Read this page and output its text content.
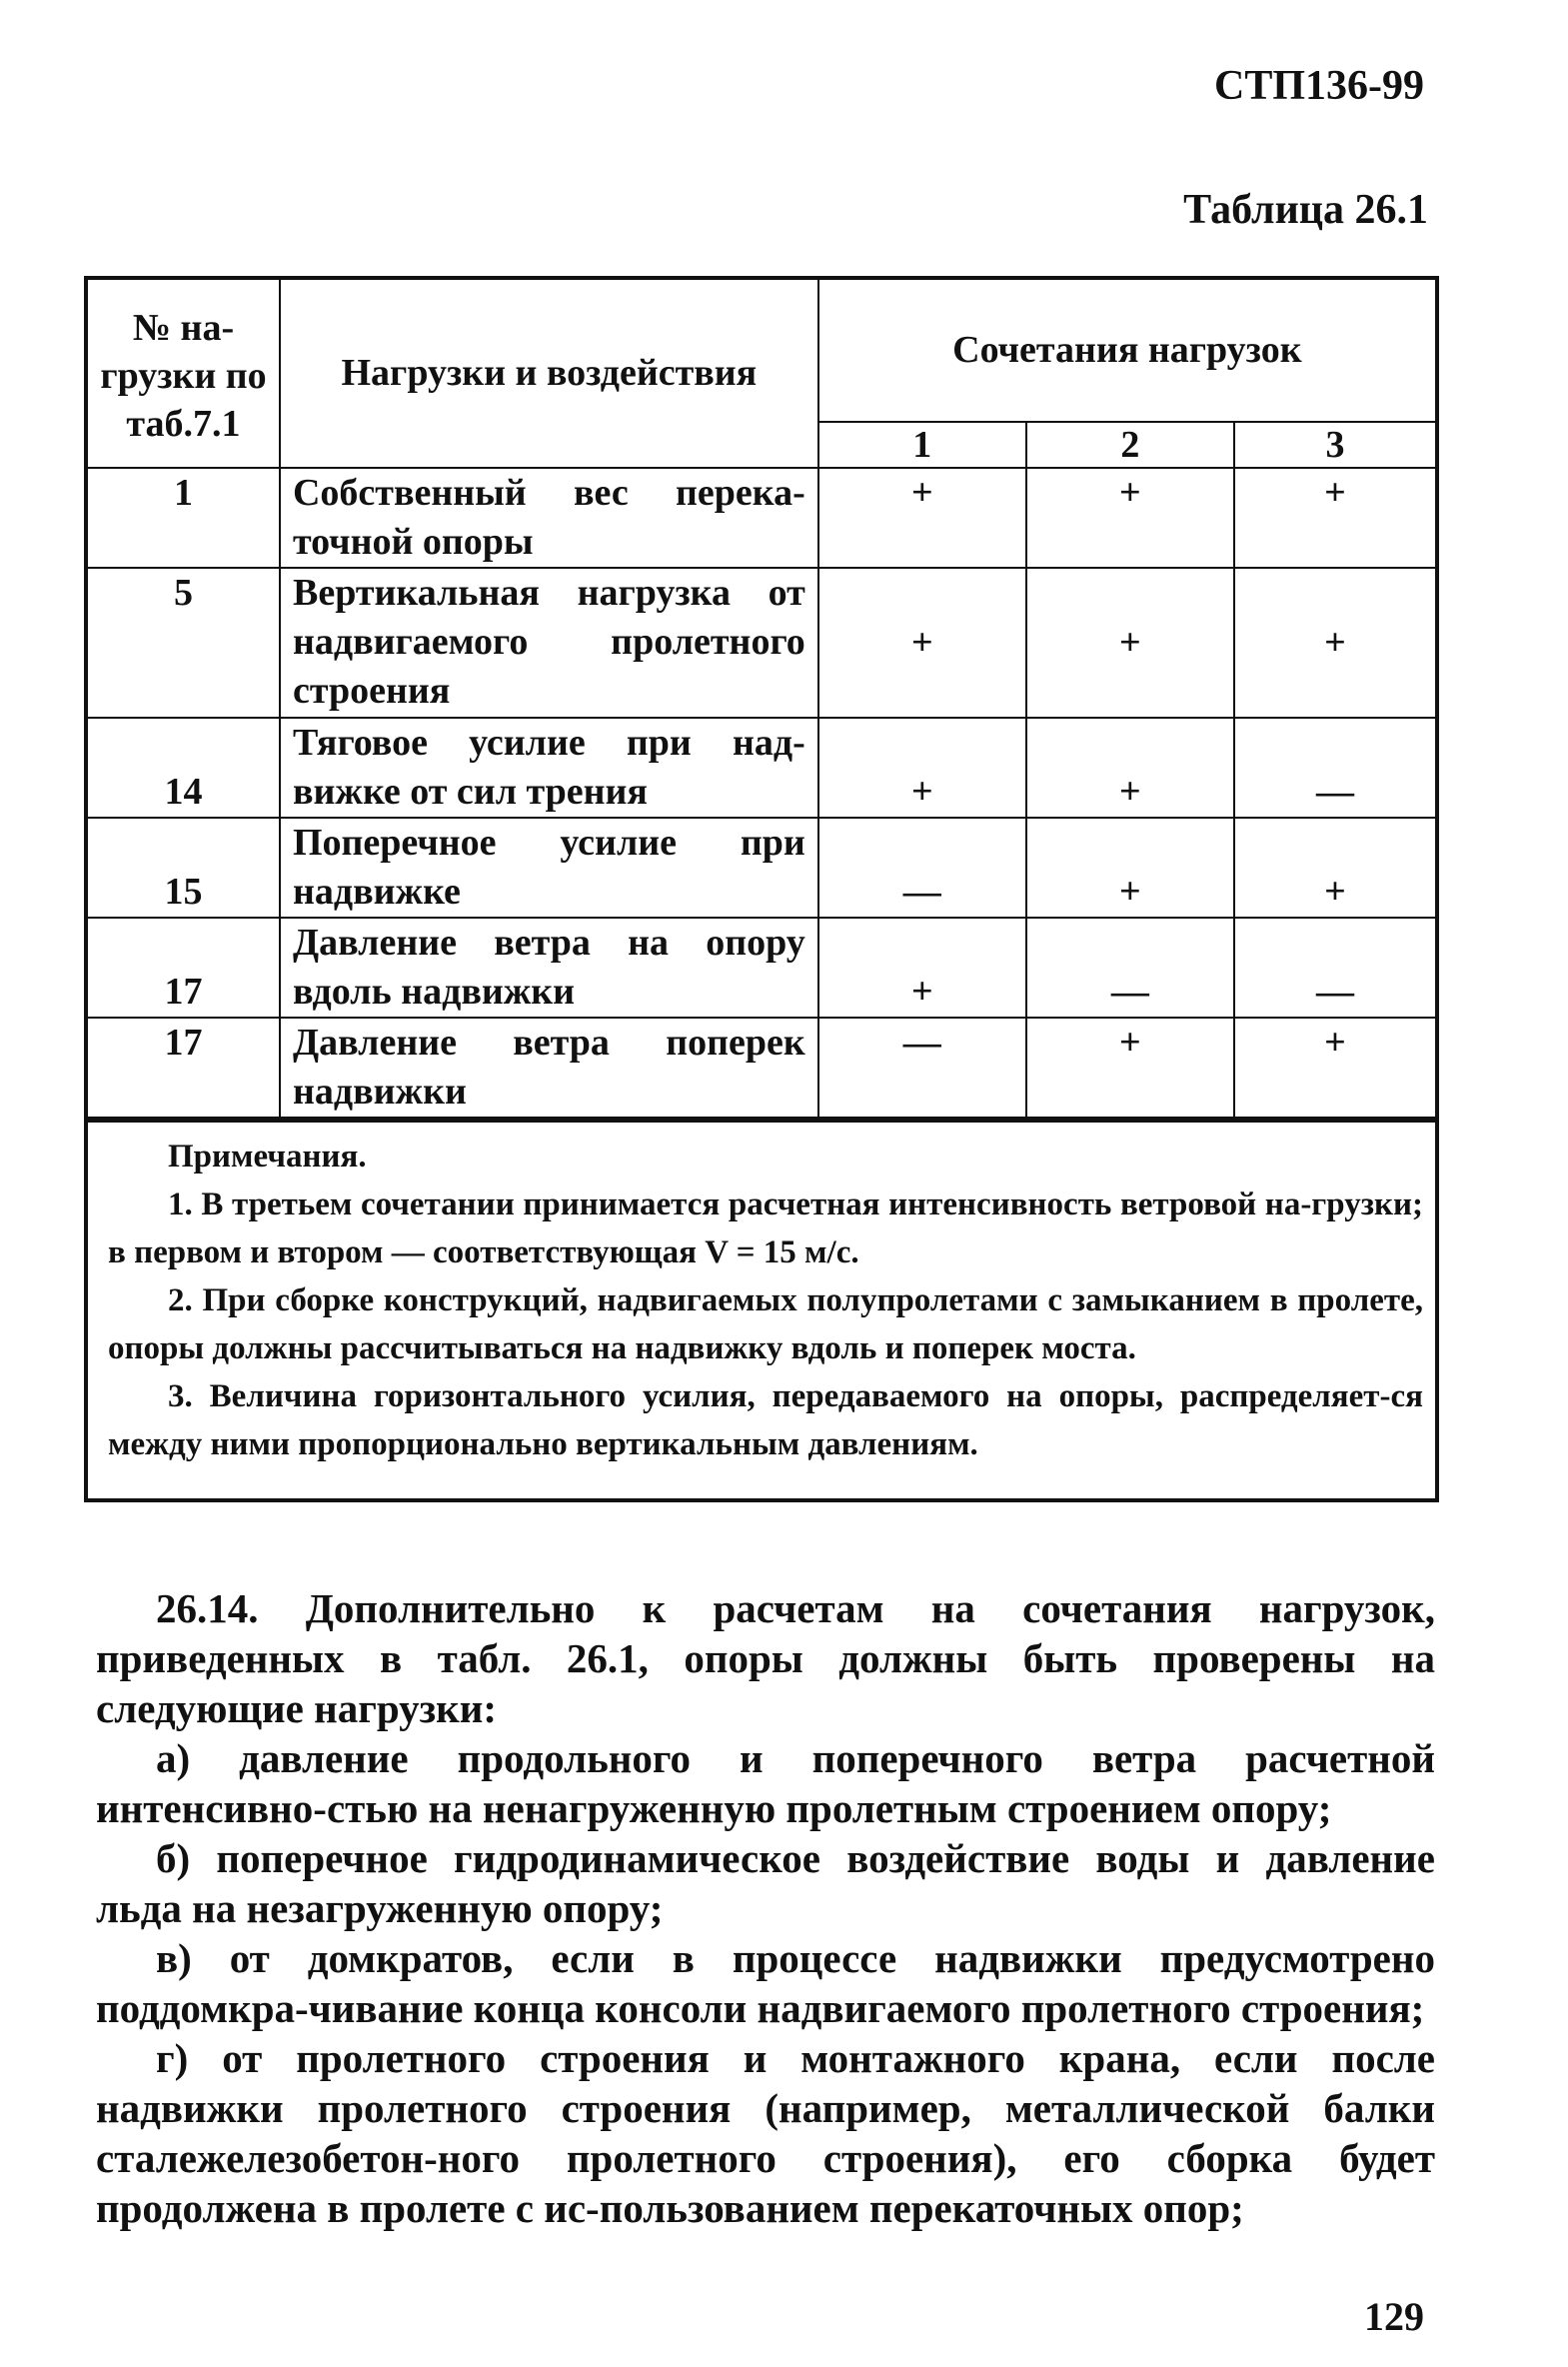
СТП136-99
Таблица 26.1
№ на-грузки по таб.7.1	Нагрузки и воздействия	Сочетания нагрузок		
		1	2	3
1	Собственный вес перека-точной опоры	+	+	+
5	Вертикальная нагрузка от надвигаемого пролетного строения	+	+	+
14	Тяговое усилие при над-вижке от сил трения	+	+	—
15	Поперечное усилие при надвижке	—	+	+
17	Давление ветра на опору вдоль надвижки	+	—	—
17	Давление ветра поперек надвижки	—	+	+

Примечания.

1. В третьем сочетании принимается расчетная интенсивность ветровой на-грузки; в первом и втором — соответствующая V = 15 м/с.

2. При сборке конструкций, надвигаемых полупролетами с замыканием в пролете, опоры должны рассчитываться на надвижку вдоль и поперек моста.

3. Величина горизонтального усилия, передаваемого на опоры, распределяет-ся между ними пропорционально вертикальным давлениям.

26.14. Дополнительно к расчетам на сочетания нагрузок, приведенных в табл. 26.1, опоры должны быть проверены на следующие нагрузки:

а) давление продольного и поперечного ветра расчетной интенсивно-стью на ненагруженную пролетным строением опору;

б) поперечное гидродинамическое воздействие воды и давление льда на незагруженную опору;

в) от домкратов, если в процессе надвижки предусмотрено поддомкра-чивание конца консоли надвигаемого пролетного строения;

г) от пролетного строения и монтажного крана, если после надвижки пролетного строения (например, металлической балки сталежелезобетон-ного пролетного строения), его сборка будет продолжена в пролете с ис-пользованием перекаточных опор;

129
